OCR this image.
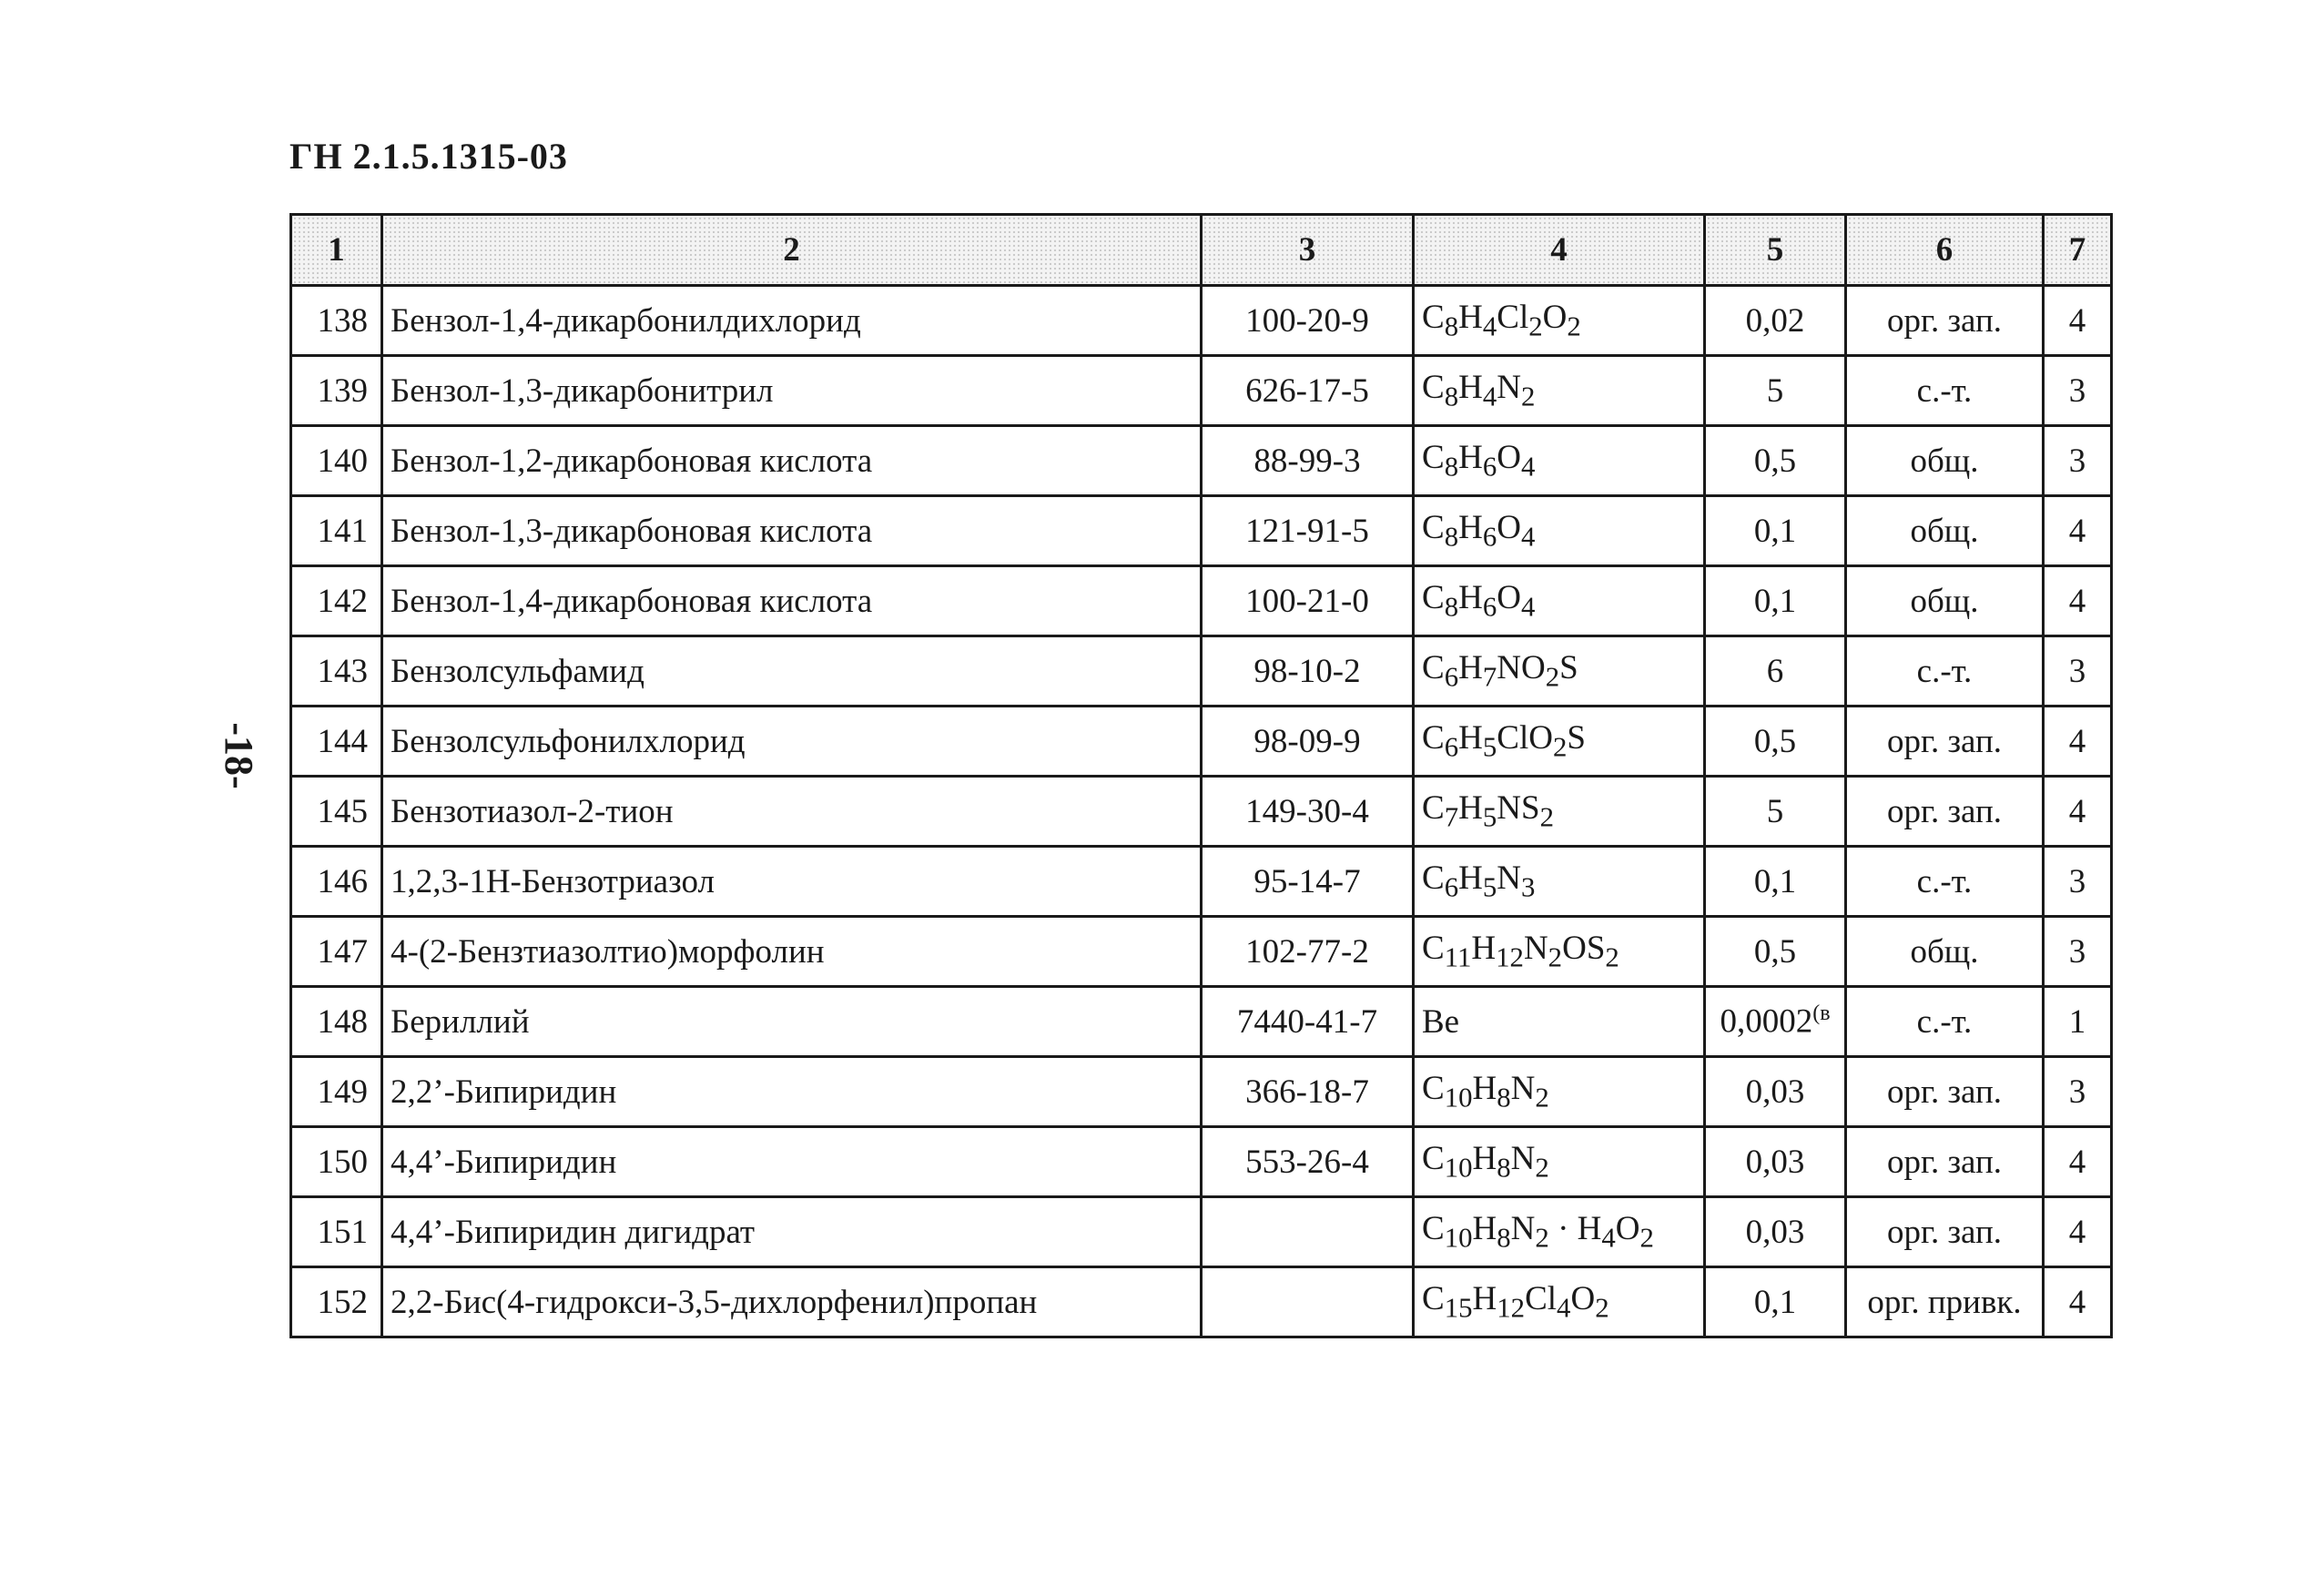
ГН 2.1.5.1315-03
-18-
1	2	3	4	5	6	7
138	Бензол-1,4-дикарбонилдихлорид	100-20-9	$C_8H_4Cl_2O_2$	0,02	орг. зап.	4
139	Бензол-1,3-дикарбонитрил	626-17-5	$C_8H_4N_2$	5	с.-т.	3
140	Бензол-1,2-дикарбоновая кислота	88-99-3	$C_8H_6O_4$	0,5	общ.	3
141	Бензол-1,3-дикарбоновая кислота	121-91-5	$C_8H_6O_4$	0,1	общ.	4
142	Бензол-1,4-дикарбоновая кислота	100-21-0	$C_8H_6O_4$	0,1	общ.	4
143	Бензолсульфамид	98-10-2	$C_6H_7NO_2S$	6	с.-т.	3
144	Бензолсульфонилхлорид	98-09-9	$C_6H_5ClO_2S$	0,5	орг. зап.	4
145	Бензотиазол-2-тион	149-30-4	$C_7H_5NS_2$	5	орг. зап.	4
146	1,2,3-1Н-Бензотриазол	95-14-7	$C_6H_5N_3$	0,1	с.-т.	3
147	4-(2-Бензтиазолтио)морфолин	102-77-2	$C_{11}H_{12}N_2OS_2$	0,5	общ.	3
148	Бериллий	7440-41-7	Be	0,0002$^{(в}$	с.-т.	1
149	2,2’-Бипиридин	366-18-7	$C_{10}H_8N_2$	0,03	орг. зап.	3
150	4,4’-Бипиридин	553-26-4	$C_{10}H_8N_2$	0,03	орг. зап.	4
151	4,4’-Бипиридин дигидрат		$C_{10}H_8N_2 \cdot H_4O_2$	0,03	орг. зап.	4
152	2,2-Бис(4-гидрокси-3,5-дихлорфенил)пропан		$C_{15}H_{12}Cl_4O_2$	0,1	орг. привк.	4
